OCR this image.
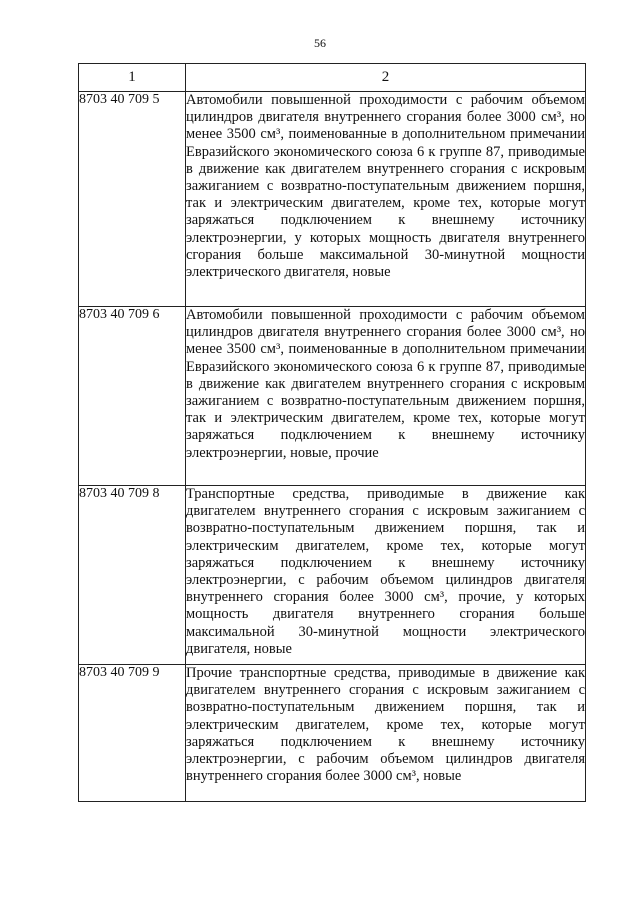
56
1	2
8703 40 709 5	Автомобили повышенной проходимости с рабочим объемом цилиндров двигателя внутреннего сгорания более 3000 см³, но менее 3500 см³, поименованные в дополнительном примечании Евразийского экономического союза 6 к группе 87, приводимые в движение как двигателем внутреннего сгорания с искровым зажиганием с возвратно-поступательным движением поршня, так и электрическим двигателем, кроме тех, которые могут заряжаться подключением к внешнему источнику электроэнергии, у которых мощность двигателя внутреннего сгорания больше максимальной 30-минутной мощности электрического двигателя, новые
8703 40 709 6	Автомобили повышенной проходимости с рабочим объемом цилиндров двигателя внутреннего сгорания более 3000 см³, но менее 3500 см³, поименованные в дополнительном примечании Евразийского экономического союза 6 к группе 87, приводимые в движение как двигателем внутреннего сгорания с искровым зажиганием с возвратно-поступательным движением поршня, так и электрическим двигателем, кроме тех, которые могут заряжаться подключением к внешнему источнику электроэнергии, новые, прочие
8703 40 709 8	Транспортные средства, приводимые в движение как двигателем внутреннего сгорания с искровым зажиганием с возвратно-поступательным движением поршня, так и электрическим двигателем, кроме тех, которые могут заряжаться подключением к внешнему источнику электроэнергии, с рабочим объемом цилиндров двигателя внутреннего сгорания более 3000 см³, прочие, у которых мощность двигателя внутреннего сгорания больше максимальной 30-минутной мощности электрического двигателя, новые
8703 40 709 9	Прочие транспортные средства, приводимые в движение как двигателем внутреннего сгорания с искровым зажиганием с возвратно-поступательным движением поршня, так и электрическим двигателем, кроме тех, которые могут заряжаться подключением к внешнему источнику электроэнергии, с рабочим объемом цилиндров двигателя внутреннего сгорания более 3000 см³, новые
